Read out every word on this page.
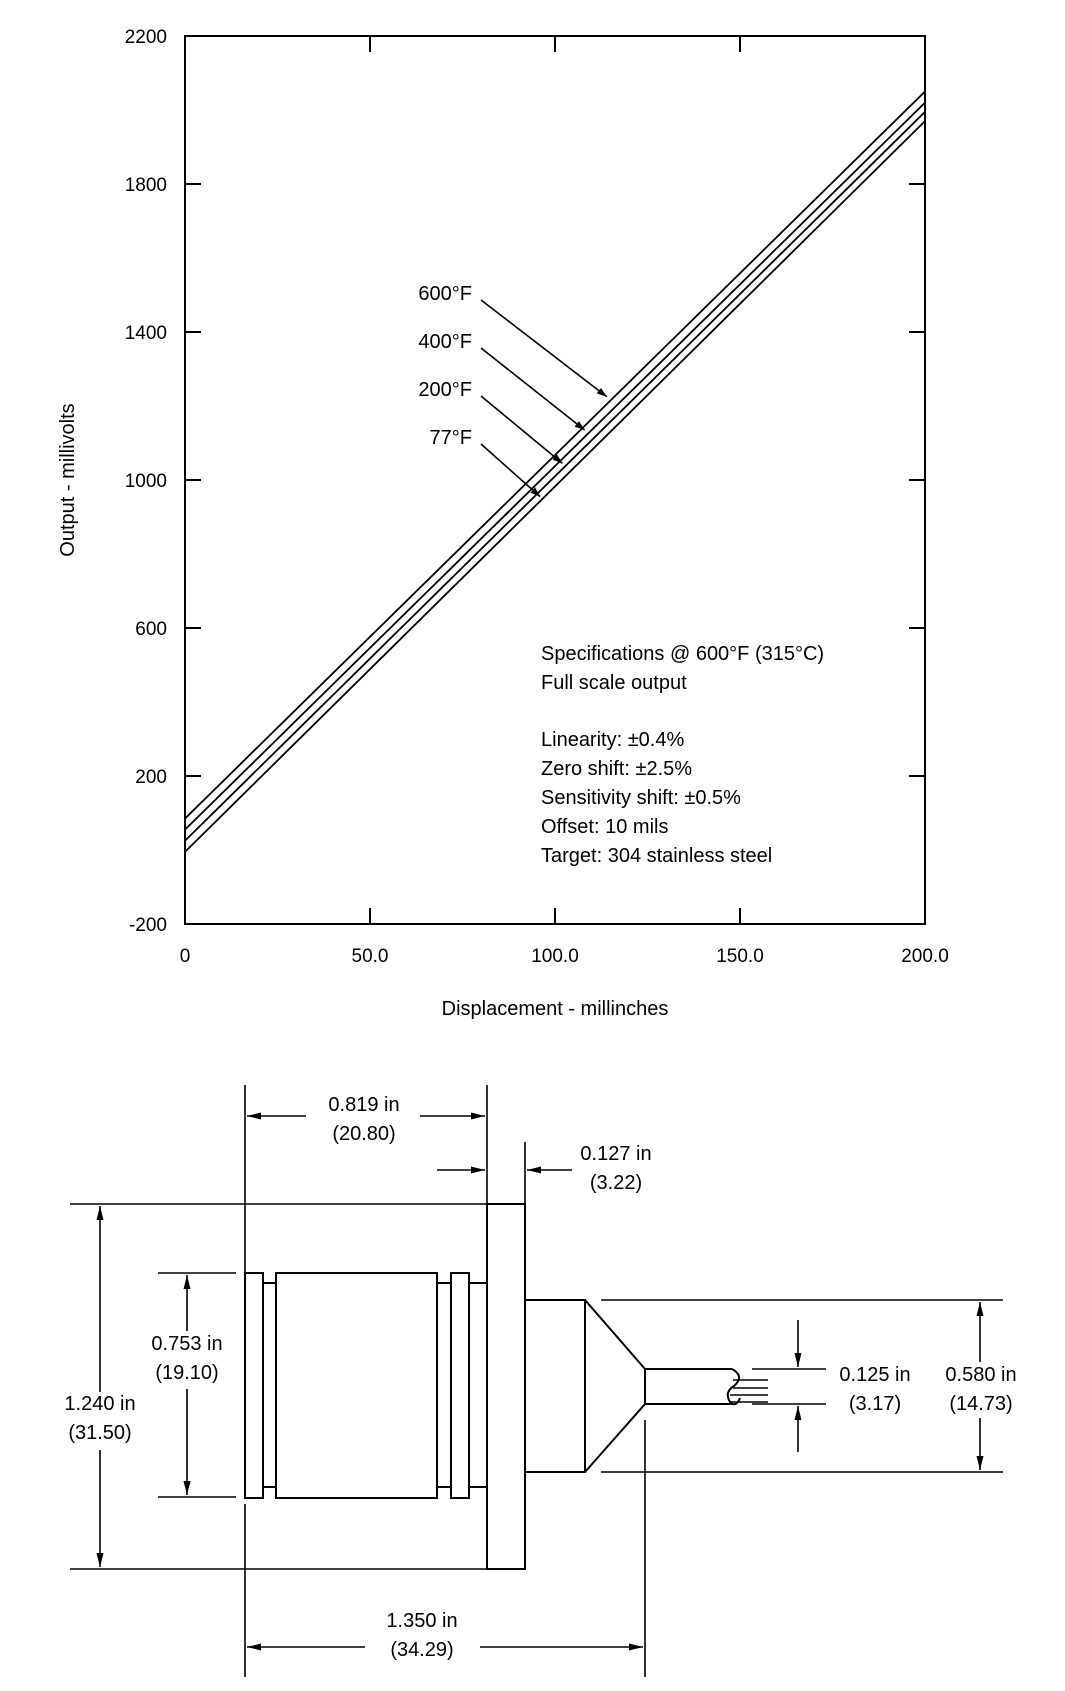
0	50.0	100.0	150.0	200.0
2200
1800
1400
1000
600
200
-200
600°F
400°F
200°F
77°F
Displacement - millinches
Output - millivolts
Specifications @ 600°F (315°C)
Full scale output
Linearity: ±0.4%
Zero shift: ±2.5%
Sensitivity shift: ±0.5%
Offset: 10 mils
Target: 304 stainless steel
0.819 in
(20.80)
0.127 in
(3.22)
1.240 in
(31.50)
0.753 in
(19.10)	0.125 in
(3.17)
0.580 in
(14.73)
1.350 in
(34.29)
